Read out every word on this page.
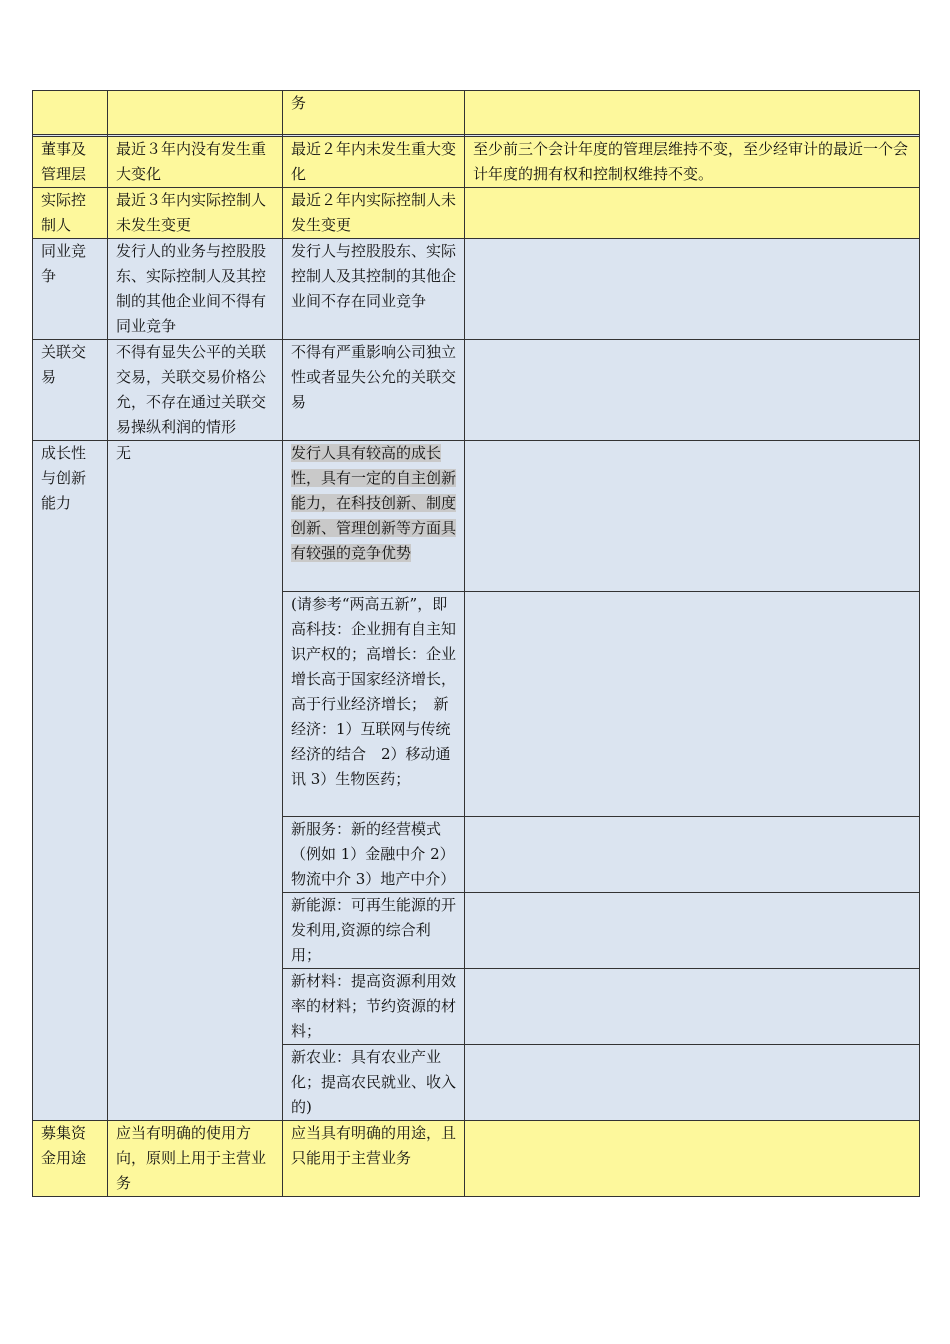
		务	

董事及管理层	最近３年内没有发生重大变化	最近２年内未发生重大变化	至少前三个会计年度的管理层维持不变，至少经审计的最近一个会计年度的拥有权和控制权维持不变。
实际控制人	最近３年内实际控制人未发生变更	最近２年内实际控制人未发生变更	
同业竞争	发行人的业务与控股股东、实际控制人及其控制的其他企业间不得有同业竞争	发行人与控股股东、实际控制人及其控制的其他企业间不存在同业竞争	
关联交易	不得有显失公平的关联交易，关联交易价格公允，不存在通过关联交易操纵利润的情形	不得有严重影响公司独立性或者显失公允的关联交易	
成长性与创新能力	无	发行人具有较高的成长性，具有一定的自主创新能力，在科技创新、制度创新、管理创新等方面具有较强的竞争优势	
		(请参考“两高五新”，即高科技：企业拥有自主知识产权的；高增长：企业增长高于国家经济增长，高于行业经济增长；　新经济：1）互联网与传统经济的结合　2）移动通讯 3）生物医药；	
		新服务：新的经营模式（例如 1）金融中介 2）物流中介 3）地产中介）	
		新能源：可再生能源的开发利用,资源的综合利用；	
		新材料：提高资源利用效率的材料；节约资源的材料；	
		新农业：具有农业产业化；提高农民就业、收入的)	
募集资金用途	应当有明确的使用方向，原则上用于主营业务	应当具有明确的用途，且只能用于主营业务	
